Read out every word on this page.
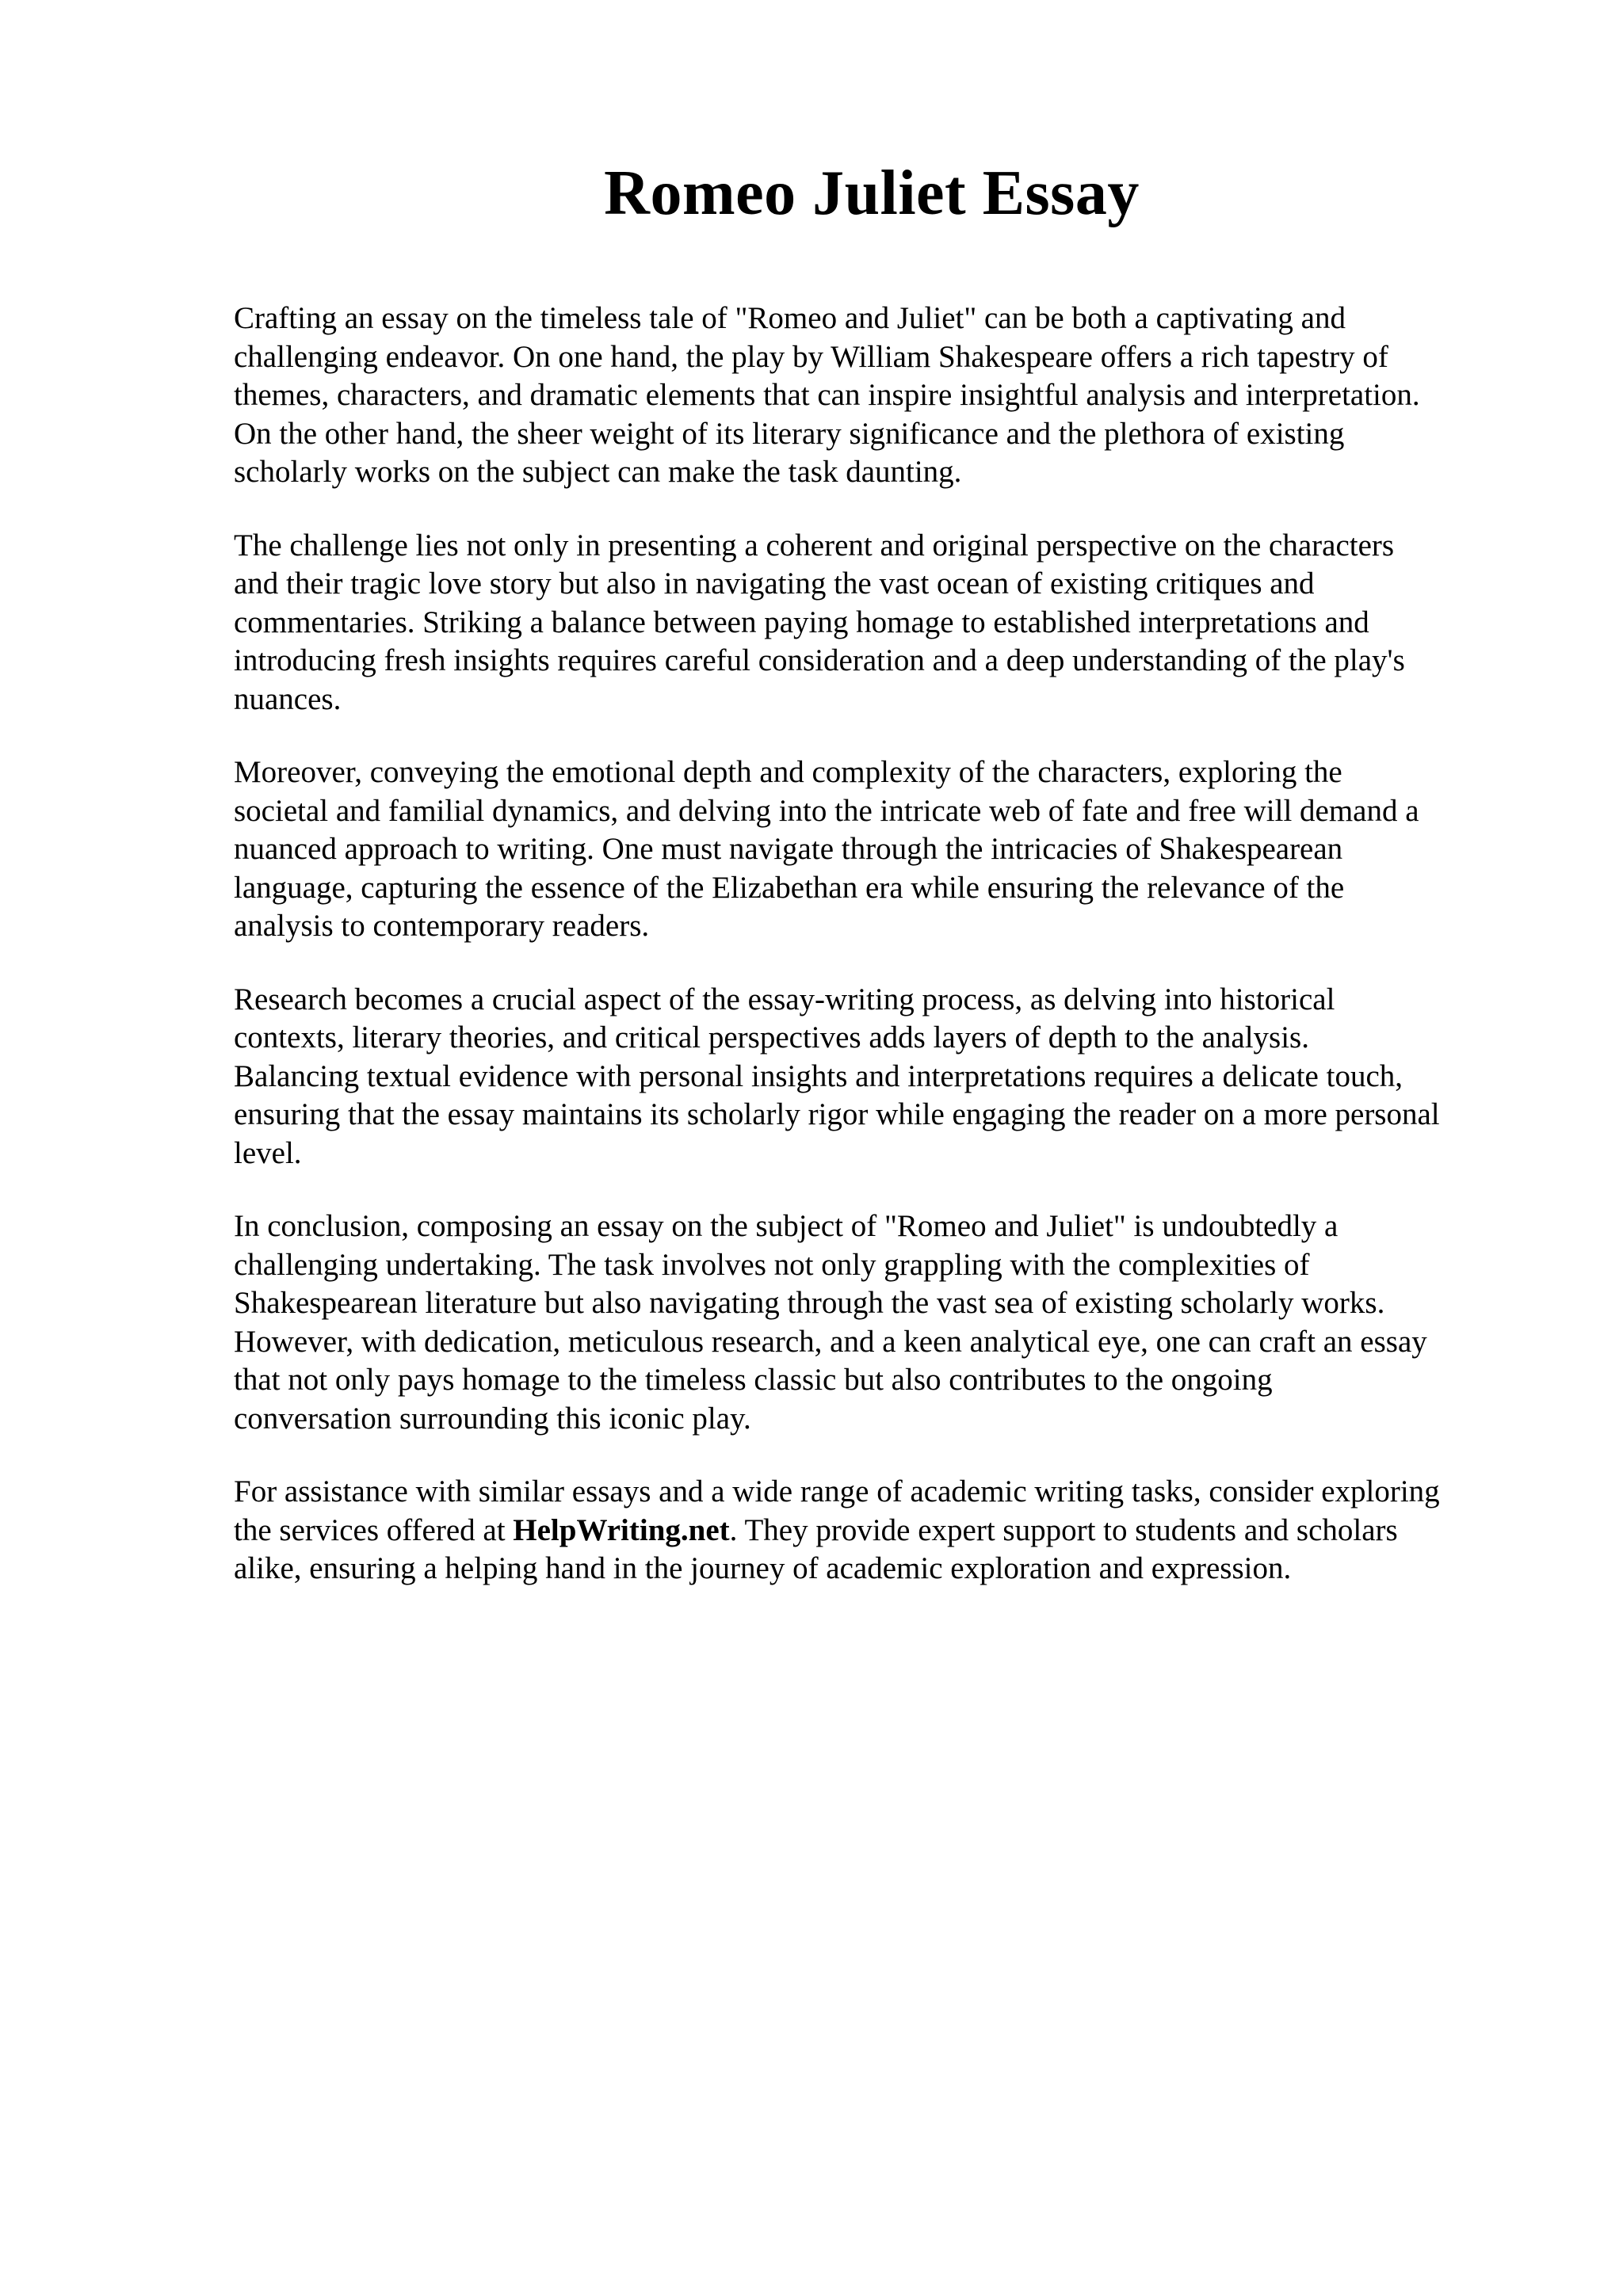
Romeo Juliet Essay

Crafting an essay on the timeless tale of "Romeo and Juliet" can be both a captivating and
challenging endeavor. On one hand, the play by William Shakespeare offers a rich tapestry of
themes, characters, and dramatic elements that can inspire insightful analysis and interpretation.
On the other hand, the sheer weight of its literary significance and the plethora of existing
scholarly works on the subject can make the task daunting.

The challenge lies not only in presenting a coherent and original perspective on the characters
and their tragic love story but also in navigating the vast ocean of existing critiques and
commentaries. Striking a balance between paying homage to established interpretations and
introducing fresh insights requires careful consideration and a deep understanding of the play's
nuances.

Moreover, conveying the emotional depth and complexity of the characters, exploring the
societal and familial dynamics, and delving into the intricate web of fate and free will demand a
nuanced approach to writing. One must navigate through the intricacies of Shakespearean
language, capturing the essence of the Elizabethan era while ensuring the relevance of the
analysis to contemporary readers.

Research becomes a crucial aspect of the essay-writing process, as delving into historical
contexts, literary theories, and critical perspectives adds layers of depth to the analysis.
Balancing textual evidence with personal insights and interpretations requires a delicate touch,
ensuring that the essay maintains its scholarly rigor while engaging the reader on a more personal
level.

In conclusion, composing an essay on the subject of "Romeo and Juliet" is undoubtedly a
challenging undertaking. The task involves not only grappling with the complexities of
Shakespearean literature but also navigating through the vast sea of existing scholarly works.
However, with dedication, meticulous research, and a keen analytical eye, one can craft an essay
that not only pays homage to the timeless classic but also contributes to the ongoing
conversation surrounding this iconic play.

For assistance with similar essays and a wide range of academic writing tasks, consider exploring
the services offered at HelpWriting.net. They provide expert support to students and scholars
alike, ensuring a helping hand in the journey of academic exploration and expression.
